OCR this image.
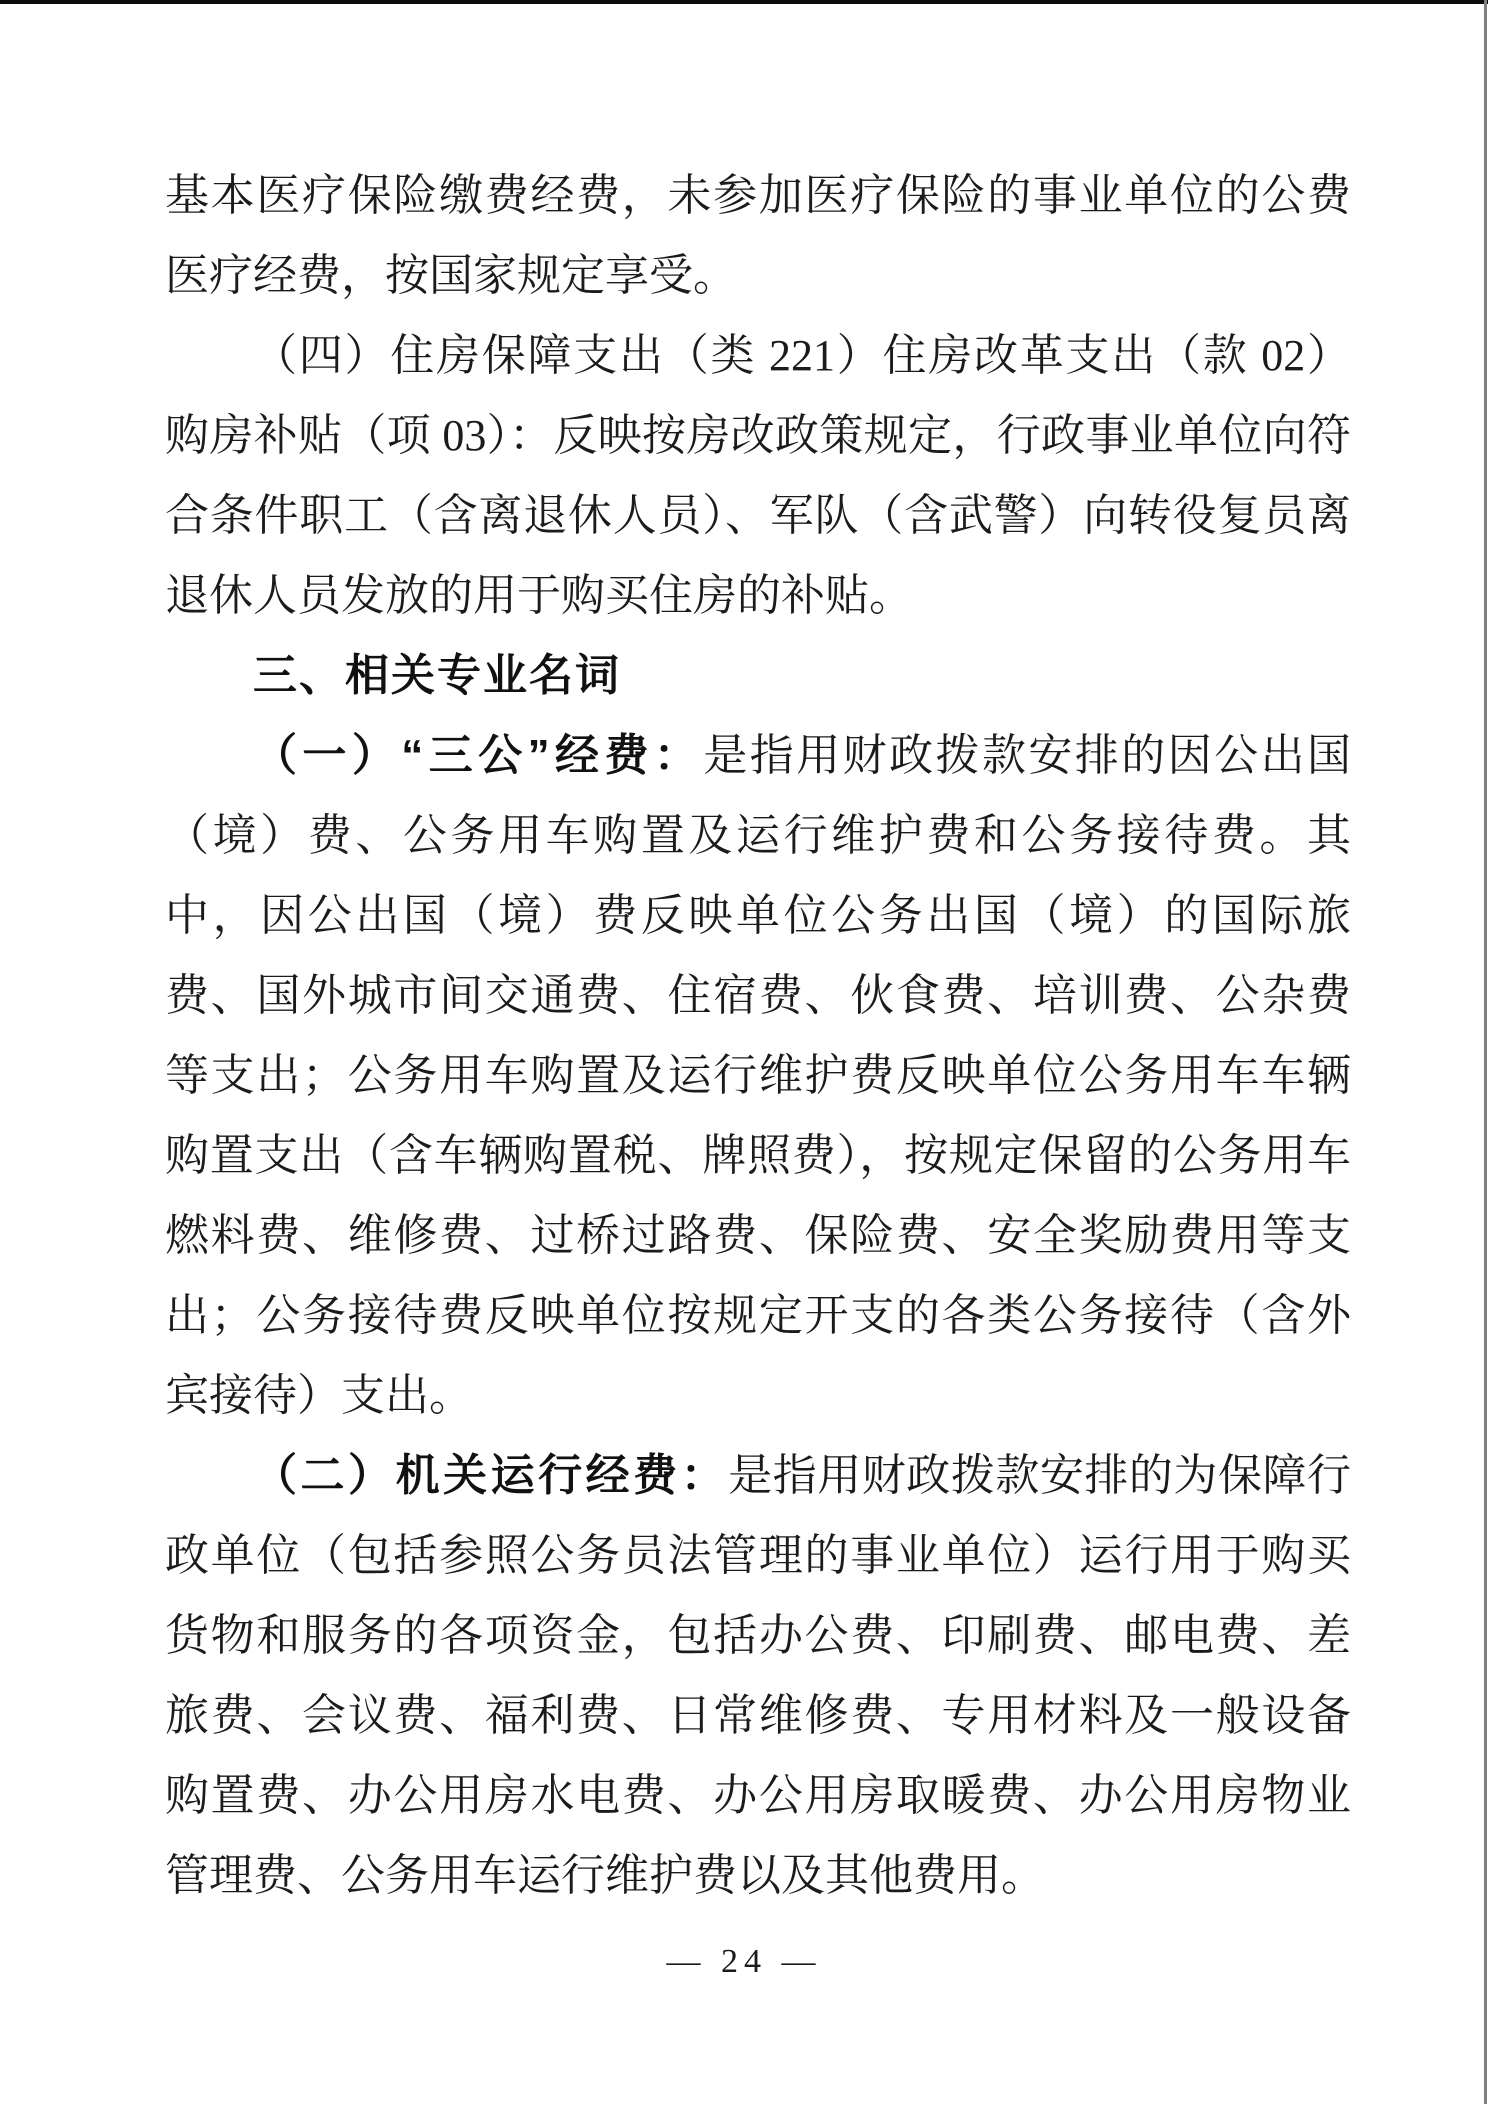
基本医疗保险缴费经费，未参加医疗保险的事业单位的公费医疗经费，按国家规定享受。

（四）住房保障支出（类 221）住房改革支出（款 02）购房补贴（项 03）：反映按房改政策规定，行政事业单位向符合条件职工（含离退休人员）、军队（含武警）向转役复员离退休人员发放的用于购买住房的补贴。

三、相关专业名词

（一）“三公”经费：是指用财政拨款安排的因公出国（境）费、公务用车购置及运行维护费和公务接待费。其中，因公出国（境）费反映单位公务出国（境）的国际旅费、国外城市间交通费、住宿费、伙食费、培训费、公杂费等支出；公务用车购置及运行维护费反映单位公务用车车辆购置支出（含车辆购置税、牌照费），按规定保留的公务用车燃料费、维修费、过桥过路费、保险费、安全奖励费用等支出；公务接待费反映单位按规定开支的各类公务接待（含外宾接待）支出。

（二）机关运行经费：是指用财政拨款安排的为保障行政单位（包括参照公务员法管理的事业单位）运行用于购买货物和服务的各项资金，包括办公费、印刷费、邮电费、差旅费、会议费、福利费、日常维修费、专用材料及一般设备购置费、办公用房水电费、办公用房取暖费、办公用房物业管理费、公务用车运行维护费以及其他费用。

— 24 —
